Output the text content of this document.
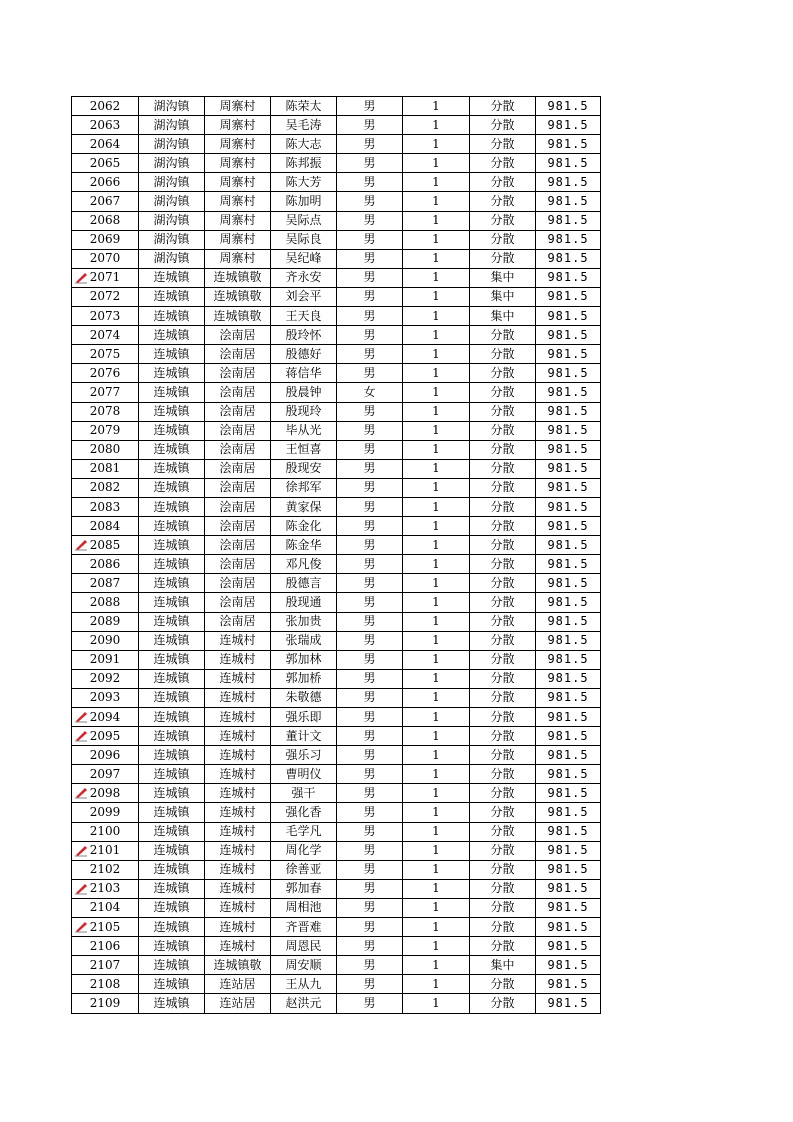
2062	湖沟镇	周寨村	陈荣太	男	1	分散	981.5
2063	湖沟镇	周寨村	吴毛涛	男	1	分散	981.5
2064	湖沟镇	周寨村	陈大志	男	1	分散	981.5
2065	湖沟镇	周寨村	陈邦振	男	1	分散	981.5
2066	湖沟镇	周寨村	陈大芳	男	1	分散	981.5
2067	湖沟镇	周寨村	陈加明	男	1	分散	981.5
2068	湖沟镇	周寨村	吴际点	男	1	分散	981.5
2069	湖沟镇	周寨村	吴际良	男	1	分散	981.5
2070	湖沟镇	周寨村	吴纪峰	男	1	分散	981.5

2071	连城镇	连城镇敬	齐永安	男	1	集中	981.5
2072	连城镇	连城镇敬	刘会平	男	1	集中	981.5
2073	连城镇	连城镇敬	王天良	男	1	集中	981.5
2074	连城镇	浍南居	殷玲怀	男	1	分散	981.5
2075	连城镇	浍南居	殷德好	男	1	分散	981.5
2076	连城镇	浍南居	蒋信华	男	1	分散	981.5
2077	连城镇	浍南居	殷晨钟	女	1	分散	981.5
2078	连城镇	浍南居	殷现玲	男	1	分散	981.5
2079	连城镇	浍南居	毕从光	男	1	分散	981.5
2080	连城镇	浍南居	王恒喜	男	1	分散	981.5
2081	连城镇	浍南居	殷现安	男	1	分散	981.5
2082	连城镇	浍南居	徐邦军	男	1	分散	981.5
2083	连城镇	浍南居	黄家保	男	1	分散	981.5
2084	连城镇	浍南居	陈金化	男	1	分散	981.5

2085	连城镇	浍南居	陈金华	男	1	分散	981.5
2086	连城镇	浍南居	邓凡俊	男	1	分散	981.5
2087	连城镇	浍南居	殷德言	男	1	分散	981.5
2088	连城镇	浍南居	殷现通	男	1	分散	981.5
2089	连城镇	浍南居	张加贵	男	1	分散	981.5
2090	连城镇	连城村	张瑞成	男	1	分散	981.5
2091	连城镇	连城村	郭加林	男	1	分散	981.5
2092	连城镇	连城村	郭加桥	男	1	分散	981.5
2093	连城镇	连城村	朱敬德	男	1	分散	981.5

2094	连城镇	连城村	强乐即	男	1	分散	981.5

2095	连城镇	连城村	董计文	男	1	分散	981.5
2096	连城镇	连城村	强乐习	男	1	分散	981.5
2097	连城镇	连城村	曹明仪	男	1	分散	981.5

2098	连城镇	连城村	强干	男	1	分散	981.5
2099	连城镇	连城村	强化香	男	1	分散	981.5
2100	连城镇	连城村	毛学凡	男	1	分散	981.5

2101	连城镇	连城村	周化学	男	1	分散	981.5
2102	连城镇	连城村	徐善亚	男	1	分散	981.5

2103	连城镇	连城村	郭加春	男	1	分散	981.5
2104	连城镇	连城村	周相池	男	1	分散	981.5

2105	连城镇	连城村	齐晋难	男	1	分散	981.5
2106	连城镇	连城村	周恩民	男	1	分散	981.5
2107	连城镇	连城镇敬	周安顺	男	1	集中	981.5
2108	连城镇	连站居	王从九	男	1	分散	981.5
2109	连城镇	连站居	赵洪元	男	1	分散	981.5
